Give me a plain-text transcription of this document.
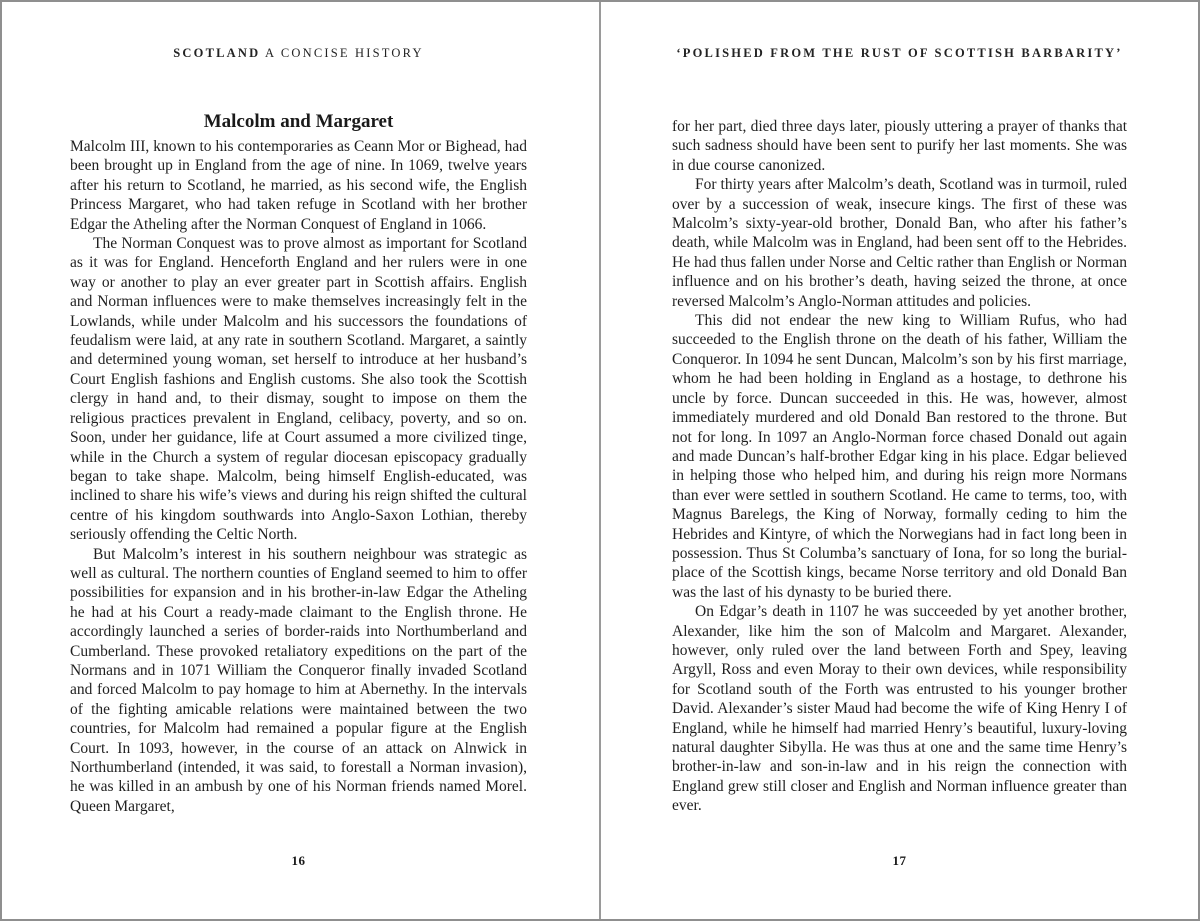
SCOTLAND A CONCISE HISTORY
Malcolm and Margaret

Malcolm III, known to his contemporaries as Ceann Mor or Bighead, had been brought up in England from the age of nine. In 1069, twelve years after his return to Scotland, he married, as his second wife, the English Princess Margaret, who had taken refuge in Scotland with her brother Edgar the Atheling after the Norman Conquest of England in 1066.

The Norman Conquest was to prove almost as important for Scotland as it was for England. Henceforth England and her rulers were in one way or another to play an ever greater part in Scottish affairs. English and Norman influences were to make themselves increasingly felt in the Lowlands, while under Malcolm and his successors the foundations of feudalism were laid, at any rate in southern Scotland. Margaret, a saintly and determined young woman, set herself to introduce at her husband’s Court English fashions and English customs. She also took the Scottish clergy in hand and, to their dismay, sought to impose on them the religious practices prevalent in England, celibacy, poverty, and so on. Soon, under her guidance, life at Court assumed a more civilized tinge, while in the Church a system of regular diocesan episcopacy gradually began to take shape. Malcolm, being himself English-educated, was inclined to share his wife’s views and during his reign shifted the cultural centre of his kingdom southwards into Anglo-Saxon Lothian, thereby seriously offending the Celtic North.

But Malcolm’s interest in his southern neighbour was strategic as well as cultural. The northern counties of England seemed to him to offer possibilities for expansion and in his brother-in-law Edgar the Atheling he had at his Court a ready-made claimant to the English throne. He accordingly launched a series of border-raids into Northumberland and Cumberland. These provoked retaliatory expeditions on the part of the Normans and in 1071 William the Conqueror finally invaded Scotland and forced Malcolm to pay homage to him at Abernethy. In the intervals of the fighting amicable relations were maintained between the two countries, for Malcolm had remained a popular figure at the English Court. In 1093, however, in the course of an attack on Alnwick in Northumberland (intended, it was said, to forestall a Norman invasion), he was killed in an ambush by one of his Norman friends named Morel. Queen Margaret,

16
‘POLISHED FROM THE RUST OF SCOTTISH BARBARITY’

for her part, died three days later, piously uttering a prayer of thanks that such sadness should have been sent to purify her last moments. She was in due course canonized.

For thirty years after Malcolm’s death, Scotland was in turmoil, ruled over by a succession of weak, insecure kings. The first of these was Malcolm’s sixty-year-old brother, Donald Ban, who after his father’s death, while Malcolm was in England, had been sent off to the Hebrides. He had thus fallen under Norse and Celtic rather than English or Norman influence and on his brother’s death, having seized the throne, at once reversed Malcolm’s Anglo-Norman attitudes and policies.

This did not endear the new king to William Rufus, who had succeeded to the English throne on the death of his father, William the Conqueror. In 1094 he sent Duncan, Malcolm’s son by his first marriage, whom he had been holding in England as a hostage, to dethrone his uncle by force. Duncan succeeded in this. He was, however, almost immediately murdered and old Donald Ban restored to the throne. But not for long. In 1097 an Anglo-Norman force chased Donald out again and made Duncan’s half-brother Edgar king in his place. Edgar believed in helping those who helped him, and during his reign more Normans than ever were settled in southern Scotland. He came to terms, too, with Magnus Barelegs, the King of Norway, formally ceding to him the Hebrides and Kintyre, of which the Norwegians had in fact long been in possession. Thus St Columba’s sanctuary of Iona, for so long the burial-place of the Scottish kings, became Norse territory and old Donald Ban was the last of his dynasty to be buried there.

On Edgar’s death in 1107 he was succeeded by yet another brother, Alexander, like him the son of Malcolm and Margaret. Alexander, however, only ruled over the land between Forth and Spey, leaving Argyll, Ross and even Moray to their own devices, while responsibility for Scotland south of the Forth was entrusted to his younger brother David. Alexander’s sister Maud had become the wife of King Henry I of England, while he himself had married Henry’s beautiful, luxury-loving natural daughter Sibylla. He was thus at one and the same time Henry’s brother-in-law and son-in-law and in his reign the connection with England grew still closer and English and Norman influence greater than ever.

17
